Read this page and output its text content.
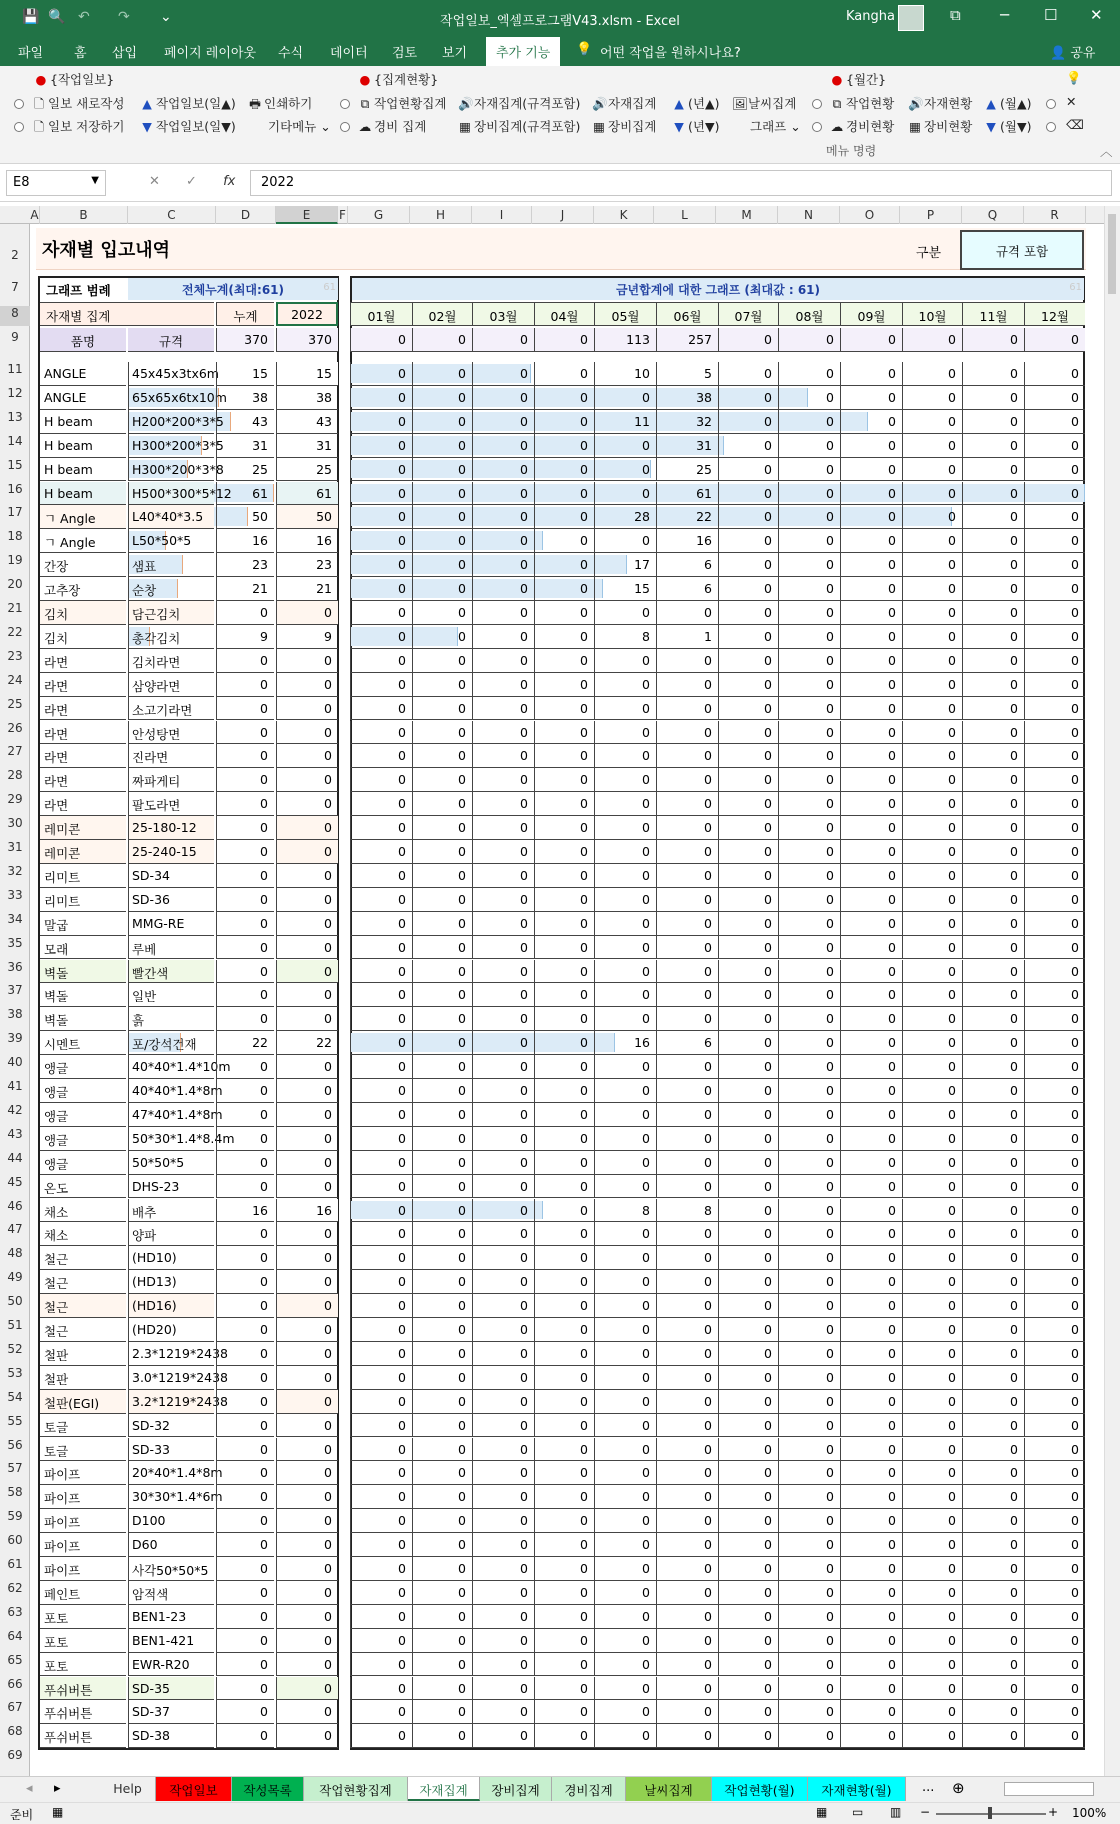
💾 🔍 ↶ ↷ ⌄	작업일보_엑셀프로그램V43.xlsm - Excel	Kangha	⧉	─ ☐ ✕
파일 홈 삽입 페이지 레이아웃 수식 데이터 검토 보기	추가 기능	💡 어떤 작업을 원하시나요?	👤 공유
● {작업일보}
🗋 일보 새로작성
🗋 일보 저장하기
▲ 작업일보(일▲)
▼ 작업일보(일▼)
🖶 인쇄하기
기타메뉴 ⌄
● {집계현황}
⧉ 작업현황집계
☁ 경비 집계
🔊자재집계(규격포함)
▦ 장비집계(규격포함)
🔊자재집계
▦ 장비집계
▲ (년▲)
▼ (년▼)
🖼날씨집계
그래프 ⌄
● {월간}
⧉ 작업현황
☁ 경비현황
🔊자재현황
▦ 장비현황
▲ (월▲)
▼ (월▼)
💡
✕
⌫
메뉴 명령	︿
E8	▼	✕ ✓ fx	2022
A	B	C	D	E	F	G	H	I	J	K	L	M	N	O	P	Q	R
2
7
8
9
11
12
13
14
15
16
17
18
19
20
21
22
23
24
25
26
27
28
29
30
31
32
33
34
35
36
37
38
39
40
41
42
43
44
45
46
47
48
49
50
51
52
53
54
55
56
57
58
59
60
61
62
63
64
65
66
67
68
69
자재별 입고내역	구분	규격 포함
그래프 범례	전체누계(최대:61)	61	금년합계에 대한 그래프 (최대값 : 61)	61
자재별 집계	누계	2022	01월	02월	03월	04월	05월	06월	07월	08월	09월	10월	11월	12월
품명	규격	370	370	0	0	0	0	113	257	0	0	0	0	0	0
ANGLE	45x45x3tx6m	15	15	0	0	0	0	10	5	0	0	0	0	0	0
ANGLE	65x65x6tx10m	38	38	0	0	0	0	0	38	0	0	0	0	0	0
H beam	H200*200*3*5	43	43	0	0	0	0	11	32	0	0	0	0	0	0
H beam	H300*200*3*5	31	31	0	0	0	0	0	31	0	0	0	0	0	0
H beam	H300*200*3*8	25	25	0	0	0	0	0	25	0	0	0	0	0	0
H beam	H500*300*5*12	61	61	0	0	0	0	0	61	0	0	0	0	0	0
ㄱ Angle	L40*40*3.5	50	50	0	0	0	0	28	22	0	0	0	0	0	0
ㄱ Angle	L50*50*5	16	16	0	0	0	0	0	16	0	0	0	0	0	0
간장	샘표	23	23	0	0	0	0	17	6	0	0	0	0	0	0
고추장	순창	21	21	0	0	0	0	15	6	0	0	0	0	0	0
김치	담근김치	0	0	0	0	0	0	0	0	0	0	0	0	0	0
김치	총각김치	9	9	0	0	0	0	8	1	0	0	0	0	0	0
라면	김치라면	0	0	0	0	0	0	0	0	0	0	0	0	0	0
라면	삼양라면	0	0	0	0	0	0	0	0	0	0	0	0	0	0
라면	소고기라면	0	0	0	0	0	0	0	0	0	0	0	0	0	0
라면	안성탕면	0	0	0	0	0	0	0	0	0	0	0	0	0	0
라면	진라면	0	0	0	0	0	0	0	0	0	0	0	0	0	0
라면	짜파게티	0	0	0	0	0	0	0	0	0	0	0	0	0	0
라면	팔도라면	0	0	0	0	0	0	0	0	0	0	0	0	0	0
레미콘	25-180-12	0	0	0	0	0	0	0	0	0	0	0	0	0	0
레미콘	25-240-15	0	0	0	0	0	0	0	0	0	0	0	0	0	0
리미트	SD-34	0	0	0	0	0	0	0	0	0	0	0	0	0	0
리미트	SD-36	0	0	0	0	0	0	0	0	0	0	0	0	0	0
말굽	MMG-RE	0	0	0	0	0	0	0	0	0	0	0	0	0	0
모래	루베	0	0	0	0	0	0	0	0	0	0	0	0	0	0
벽돌	빨간색	0	0	0	0	0	0	0	0	0	0	0	0	0	0
벽돌	일반	0	0	0	0	0	0	0	0	0	0	0	0	0	0
벽돌	흙	0	0	0	0	0	0	0	0	0	0	0	0	0	0
시멘트	포/강석건재	22	22	0	0	0	0	16	6	0	0	0	0	0	0
앵글	40*40*1.4*10m	0	0	0	0	0	0	0	0	0	0	0	0	0	0
앵글	40*40*1.4*8m	0	0	0	0	0	0	0	0	0	0	0	0	0	0
앵글	47*40*1.4*8m	0	0	0	0	0	0	0	0	0	0	0	0	0	0
앵글	50*30*1.4*8.4m	0	0	0	0	0	0	0	0	0	0	0	0	0	0
앵글	50*50*5	0	0	0	0	0	0	0	0	0	0	0	0	0	0
온도	DHS-23	0	0	0	0	0	0	0	0	0	0	0	0	0	0
채소	배추	16	16	0	0	0	0	8	8	0	0	0	0	0	0
채소	양파	0	0	0	0	0	0	0	0	0	0	0	0	0	0
철근	(HD10)	0	0	0	0	0	0	0	0	0	0	0	0	0	0
철근	(HD13)	0	0	0	0	0	0	0	0	0	0	0	0	0	0
철근	(HD16)	0	0	0	0	0	0	0	0	0	0	0	0	0	0
철근	(HD20)	0	0	0	0	0	0	0	0	0	0	0	0	0	0
철판	2.3*1219*2438	0	0	0	0	0	0	0	0	0	0	0	0	0	0
철판	3.0*1219*2438	0	0	0	0	0	0	0	0	0	0	0	0	0	0
철판(EGI)	3.2*1219*2438	0	0	0	0	0	0	0	0	0	0	0	0	0	0
토글	SD-32	0	0	0	0	0	0	0	0	0	0	0	0	0	0
토글	SD-33	0	0	0	0	0	0	0	0	0	0	0	0	0	0
파이프	20*40*1.4*8m	0	0	0	0	0	0	0	0	0	0	0	0	0	0
파이프	30*30*1.4*6m	0	0	0	0	0	0	0	0	0	0	0	0	0	0
파이프	D100	0	0	0	0	0	0	0	0	0	0	0	0	0	0
파이프	D60	0	0	0	0	0	0	0	0	0	0	0	0	0	0
파이프	사각50*50*5	0	0	0	0	0	0	0	0	0	0	0	0	0	0
페인트	암적색	0	0	0	0	0	0	0	0	0	0	0	0	0	0
포토	BEN1-23	0	0	0	0	0	0	0	0	0	0	0	0	0	0
포토	BEN1-421	0	0	0	0	0	0	0	0	0	0	0	0	0	0
포토	EWR-R20	0	0	0	0	0	0	0	0	0	0	0	0	0	0
푸쉬버튼	SD-35	0	0	0	0	0	0	0	0	0	0	0	0	0	0
푸쉬버튼	SD-37	0	0	0	0	0	0	0	0	0	0	0	0	0	0
푸쉬버튼	SD-38	0	0	0	0	0	0	0	0	0	0	0	0	0	0
◂ ▸	Help	작업일보	작성목록	작업현황집계	자재집계	장비집계	경비집계	날씨집계	작업현황(월)	자재현황(월)	... ⊕
준비 ▦	▦ ▭ ▥ −	+ 100%
